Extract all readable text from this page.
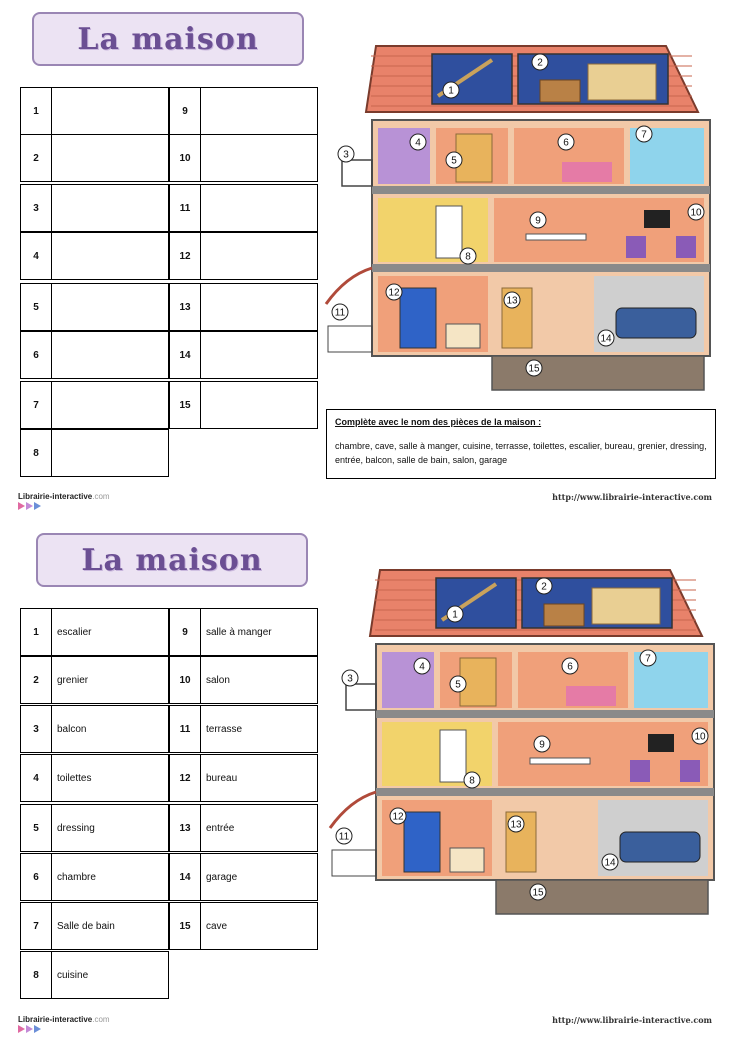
La maison
1
2
3
4
5
6
7
8
9
10
11
12
13
14
15
1
2
3
4
5
6
7
8
9
10
11
12
13
14
15
Complète avec le nom des pièces de la maison :
chambre, cave, salle à manger, cuisine, terrasse, toilettes, escalier, bureau, grenier, dressing, entrée, balcon, salle de bain, salon, garage
Librairie-interactive.com	http://www.librairie-interactive.com
La maison
1	escalier
2	grenier
3	balcon
4	toilettes
5	dressing
6	chambre
7	Salle de bain
8	cuisine
9	salle à manger
10	salon
11	terrasse
12	bureau
13	entrée
14	garage
15	cave
1
2
3
4
5
6
7
8
9
10
11
12
13
14
15
Librairie-interactive.com	http://www.librairie-interactive.com
